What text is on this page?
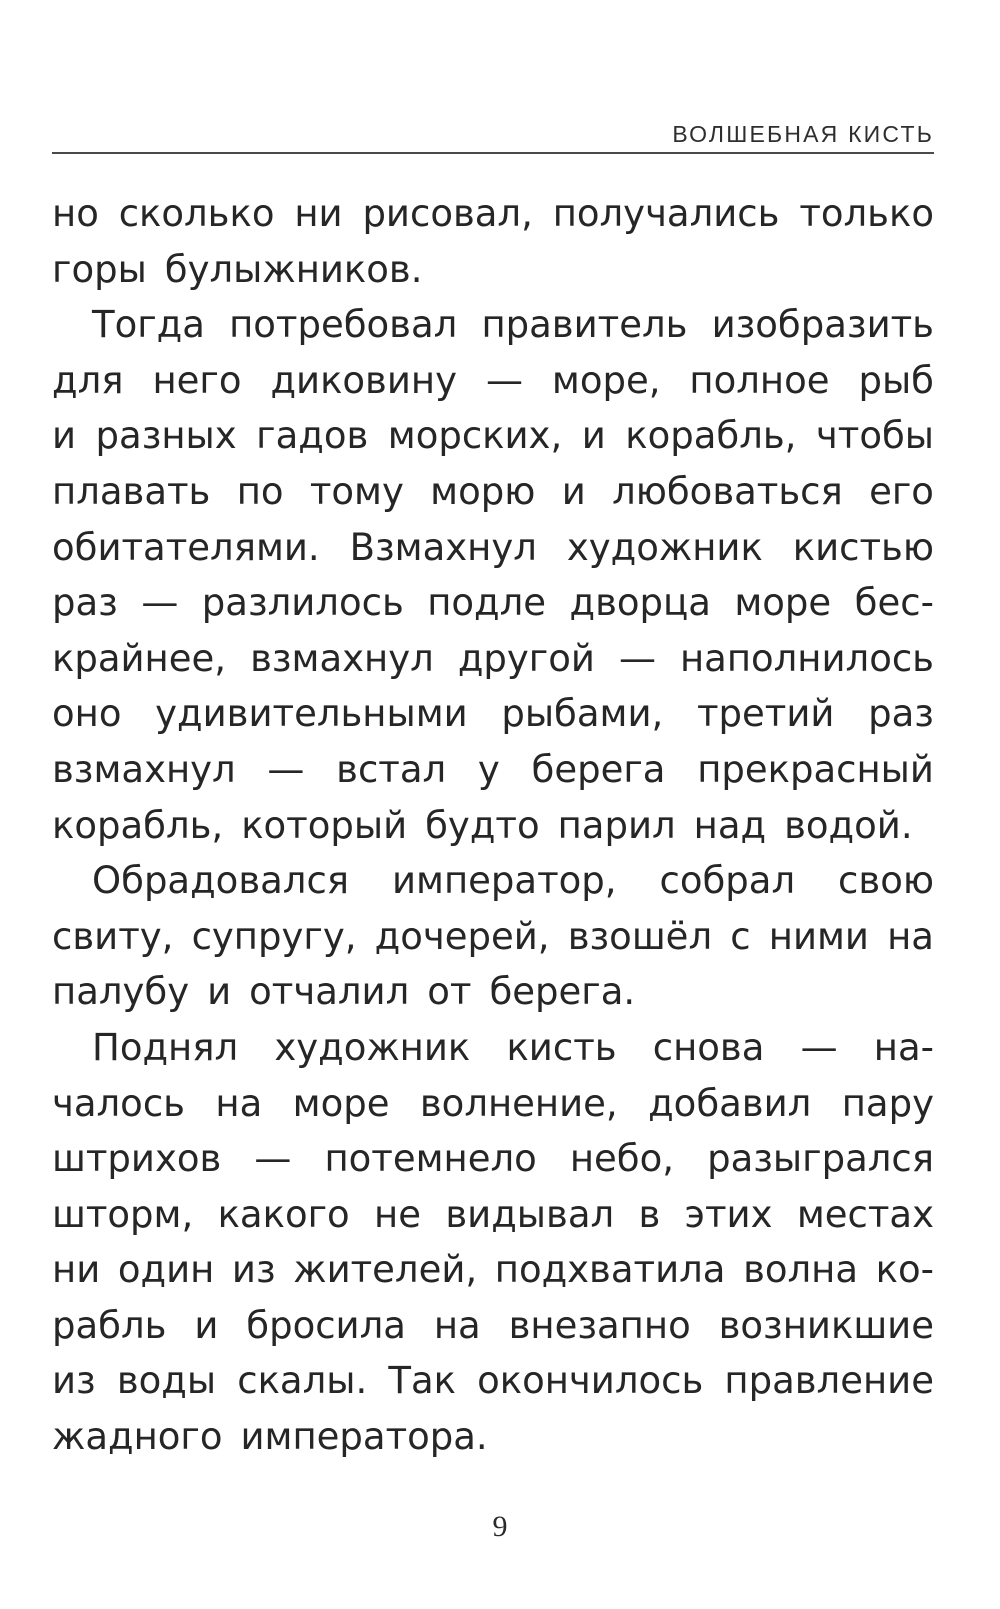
ВОЛШЕБНАЯ КИСТЬ
но сколько ни рисовал, получались только
горы булыжников.
Тогда потребовал правитель изобразить
для него диковину — море, полное рыб
и разных гадов морских, и корабль, чтобы
плавать по тому морю и любоваться его
обитателями. Взмахнул художник кистью
раз — разлилось подле дворца море бес-
крайнее, взмахнул другой — наполнилось
оно удивительными рыбами, третий раз
взмахнул — встал у берега прекрасный
корабль, который будто парил над водой.
Обрадовался император, собрал свою
свиту, супругу, дочерей, взошёл с ними на
палубу и отчалил от берега.
Поднял художник кисть снова — на-
чалось на море волнение, добавил пару
штрихов — потемнело небо, разыгрался
шторм, какого не видывал в этих местах
ни один из жителей, подхватила волна ко-
рабль и бросила на внезапно возникшие
из воды скалы. Так окончилось правление
жадного императора.
9
